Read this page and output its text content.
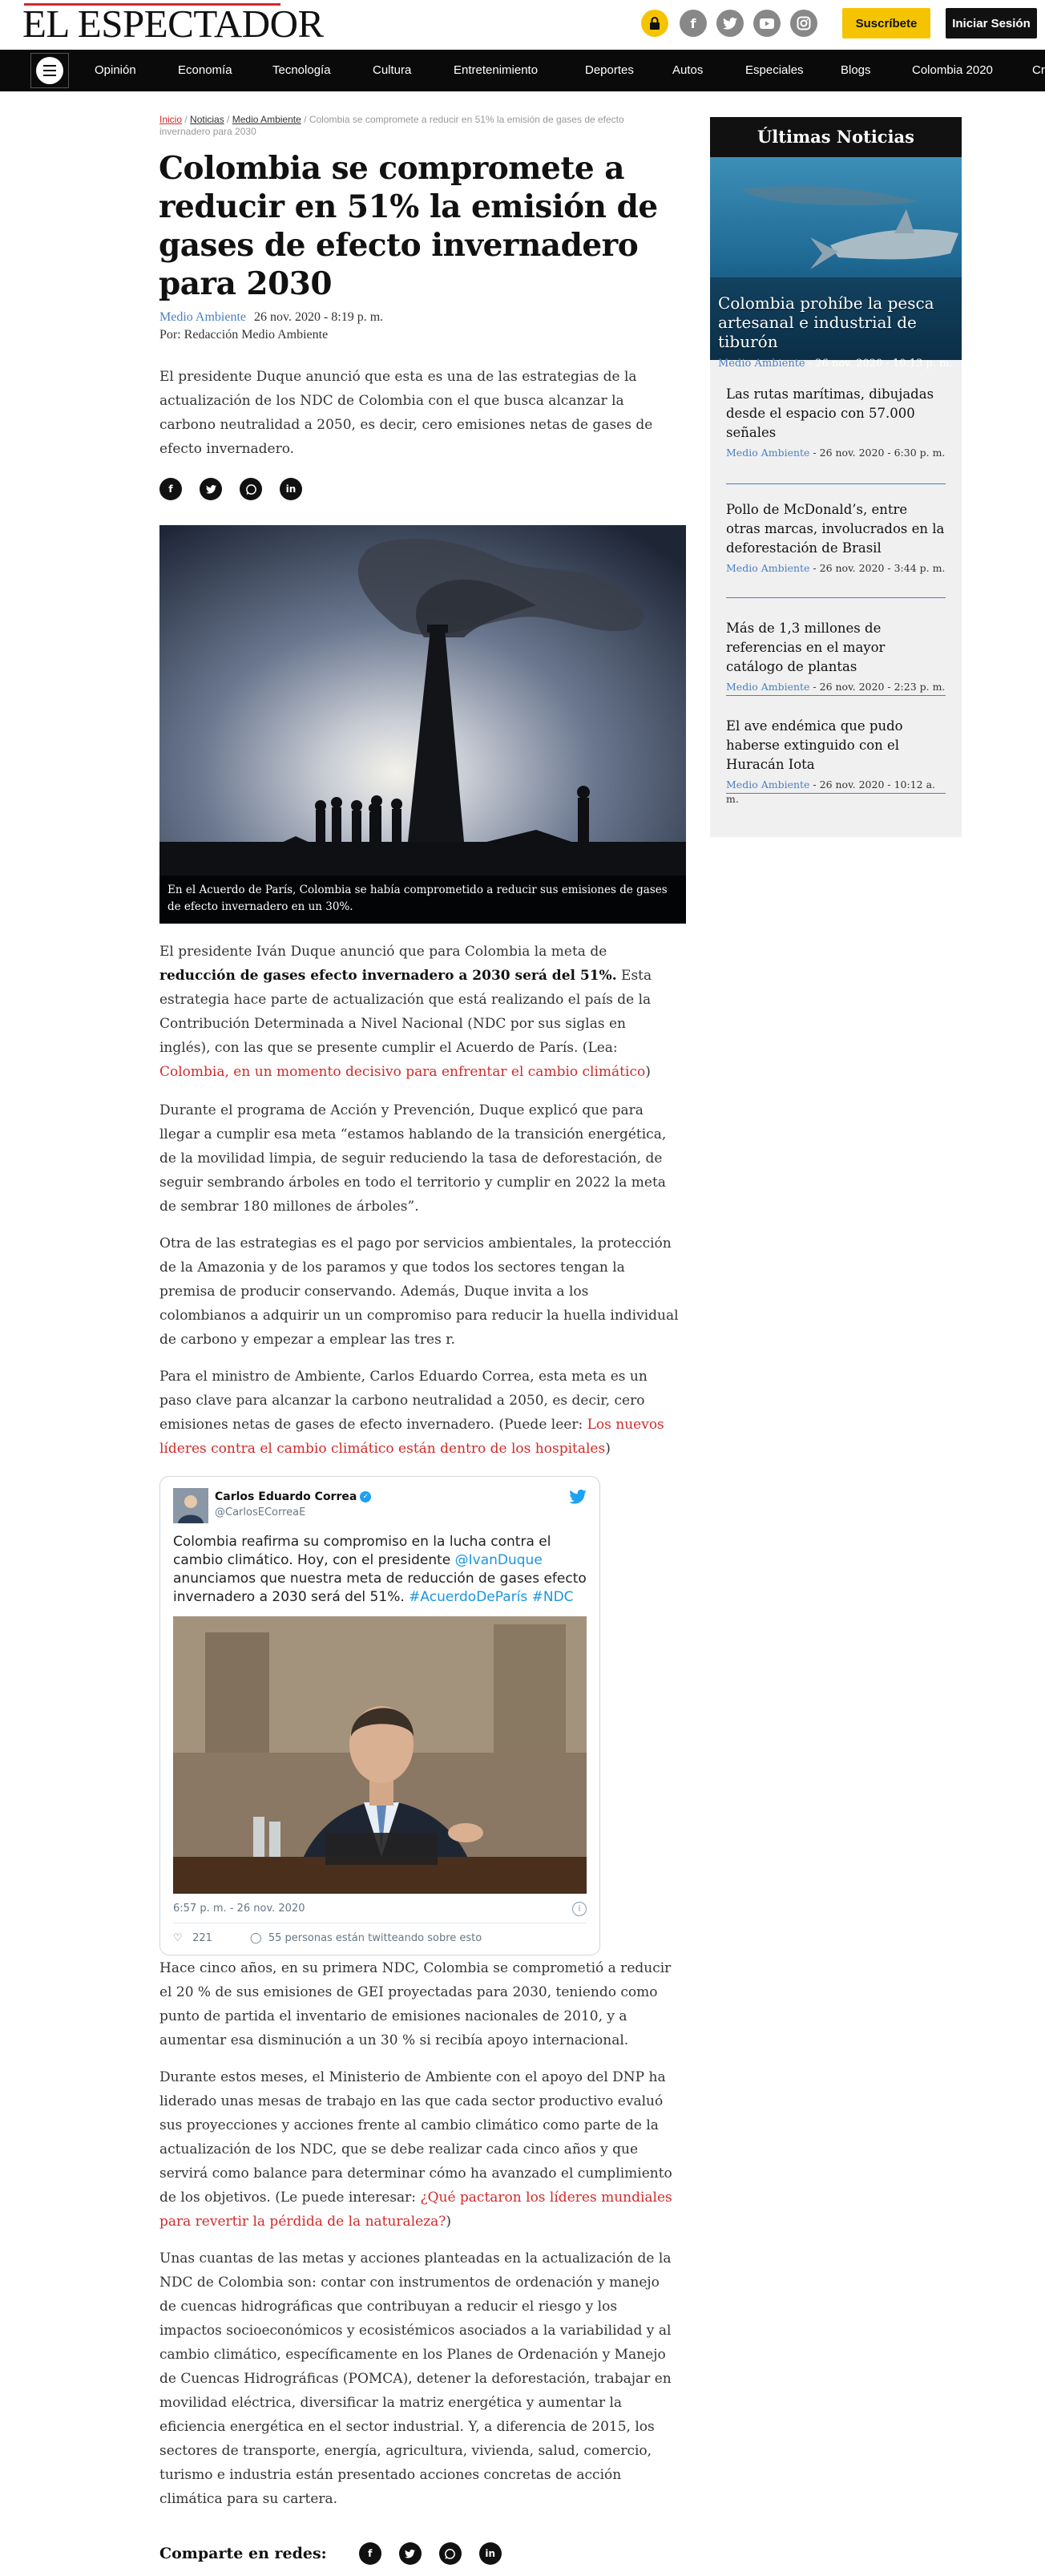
EL ESPECTADOR	f	Suscríbete	Iniciar Sesión
Opinión	Economía	Tecnología	Cultura	Entretenimiento	Deportes	Autos	Especiales	Blogs	Colombia 2020	Cr
Inicio / Noticias / Medio Ambiente / Colombia se compromete a reducir en 51% la emisión de gases de efecto invernadero para 2030
Colombia se compromete a reducir en 51% la emisión de gases de efecto invernadero para 2030
Medio Ambiente 26 nov. 2020 - 8:19 p. m.
Por: Redacción Medio Ambiente

El presidente Duque anunció que esta es una de las estrategias de la actualización de los NDC de Colombia con el que busca alcanzar la carbono neutralidad a 2050, es decir, cero emisiones netas de gases de efecto invernadero.

f	in
En el Acuerdo de París, Colombia se había comprometido a reducir sus emisiones de gases de efecto invernadero en un 30%.

El presidente Iván Duque anunció que para Colombia la meta de reducción de gases efecto invernadero a 2030 será del 51%. Esta estrategia hace parte de actualización que está realizando el país de la Contribución Determinada a Nivel Nacional (NDC por sus siglas en inglés), con las que se presente cumplir el Acuerdo de París. (Lea: Colombia, en un momento decisivo para enfrentar el cambio climático)

Durante el programa de Acción y Prevención, Duque explicó que para llegar a cumplir esa meta “estamos hablando de la transición energética, de la movilidad limpia, de seguir reduciendo la tasa de deforestación, de seguir sembrando árboles en todo el territorio y cumplir en 2022 la meta de sembrar 180 millones de árboles”.

Otra de las estrategias es el pago por servicios ambientales, la protección de la Amazonia y de los paramos y que todos los sectores tengan la premisa de producir conservando. Además, Duque invita a los colombianos a adquirir un un compromiso para reducir la huella individual de carbono y empezar a emplear las tres r.

Para el ministro de Ambiente, Carlos Eduardo Correa, esta meta es un paso clave para alcanzar la carbono neutralidad a 2050, es decir, cero emisiones netas de gases de efecto invernadero. (Puede leer: Los nuevos líderes contra el cambio climático están dentro de los hospitales)

Carlos Eduardo Correa ✓
@CarlosECorreaE
Colombia reafirma su compromiso en la lucha contra el cambio climático. Hoy, con el presidente @IvanDuque anunciamos que nuestra meta de reducción de gases efecto invernadero a 2030 será del 51%. #AcuerdoDeParís #NDC
6:57 p. m. - 26 nov. 2020	i
♡ 221	◯ 55 personas están twitteando sobre esto

Hace cinco años, en su primera NDC, Colombia se comprometió a reducir el 20 % de sus emisiones de GEI proyectadas para 2030, teniendo como punto de partida el inventario de emisiones nacionales de 2010, y a aumentar esa disminución a un 30 % si recibía apoyo internacional.

Durante estos meses, el Ministerio de Ambiente con el apoyo del DNP ha liderado unas mesas de trabajo en las que cada sector productivo evaluó sus proyecciones y acciones frente al cambio climático como parte de la actualización de los NDC, que se debe realizar cada cinco años y que servirá como balance para determinar cómo ha avanzado el cumplimiento de los objetivos. (Le puede interesar: ¿Qué pactaron los líderes mundiales para revertir la pérdida de la naturaleza?)

Unas cuantas de las metas y acciones planteadas en la actualización de la NDC de Colombia son: contar con instrumentos de ordenación y manejo de cuencas hidrográficas que contribuyan a reducir el riesgo y los impactos socioeconómicos y ecosistémicos asociados a la variabilidad y al cambio climático, específicamente en los Planes de Ordenación y Manejo de Cuencas Hidrográficas (POMCA), detener la deforestación, trabajar en movilidad eléctrica, diversificar la matriz energética y aumentar la eficiencia energética en el sector industrial. Y, a diferencia de 2015, los sectores de transporte, energía, agricultura, vivienda, salud, comercio, turismo e industria están presentado acciones concretas de acción climática para su cartera.

Comparte en redes:	f	in
Últimas Noticias
Colombia prohíbe la pesca artesanal e industrial de tiburón
Medio Ambiente - 26 nov. 2020 - 10:13 p. m.
Las rutas marítimas, dibujadas desde el espacio con 57.000 señales
Medio Ambiente - 26 nov. 2020 - 6:30 p. m.
Pollo de McDonald’s, entre otras marcas, involucrados en la deforestación de Brasil
Medio Ambiente - 26 nov. 2020 - 3:44 p. m.
Más de 1,3 millones de referencias en el mayor catálogo de plantas
Medio Ambiente - 26 nov. 2020 - 2:23 p. m.
El ave endémica que pudo haberse extinguido con el Huracán Iota
Medio Ambiente - 26 nov. 2020 - 10:12 a. m.
